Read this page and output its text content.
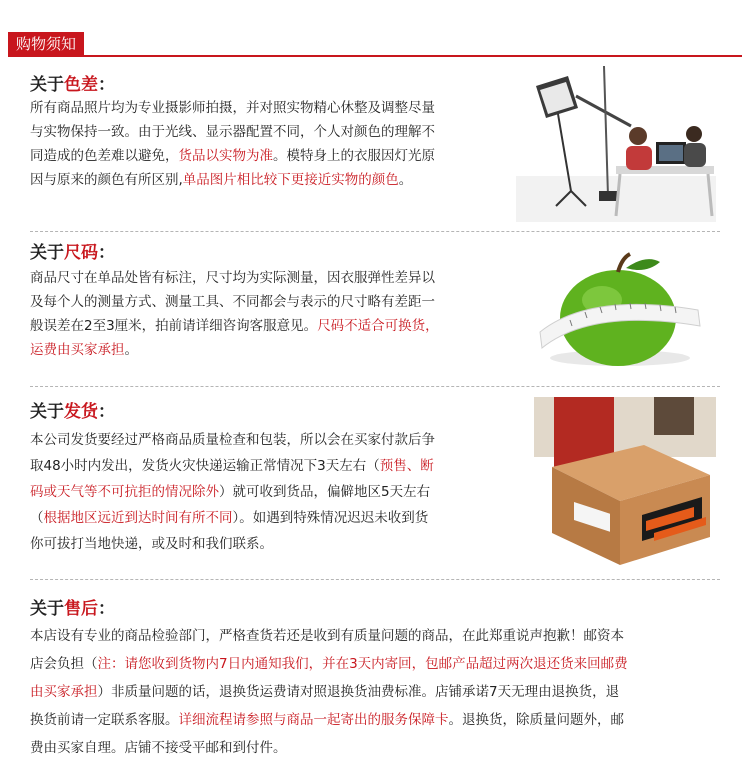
购物须知
关于色差：
所有商品照片均为专业摄影师拍摄，并对照实物精心休整及调整尽量
与实物保持一致。由于光线、显示器配置不同，个人对颜色的理解不
同造成的色差难以避免，货品以实物为准。模特身上的衣服因灯光原
因与原来的颜色有所区别,单品图片相比较下更接近实物的颜色。
关于尺码：
商品尺寸在单品处皆有标注，尺寸均为实际测量，因衣服弹性差异以
及每个人的测量方式、测量工具、不同都会与表示的尺寸略有差距一
般误差在2至3厘米，拍前请详细咨询客服意见。尺码不适合可换货，
运费由买家承担。
关于发货：
本公司发货要经过严格商品质量检查和包装，所以会在买家付款后争
取48小时内发出，发货火灾快递运输正常情况下3天左右（预售、断
码或天气等不可抗拒的情况除外）就可收到货品，偏僻地区5天左右
（根据地区远近到达时间有所不同）。如遇到特殊情况迟迟未收到货
你可拔打当地快递，或及时和我们联系。
关于售后：
本店设有专业的商品检验部门，严格查货若还是收到有质量问题的商品，在此郑重说声抱歉！邮资本
店会负担（注：请您收到货物内7日内通知我们，并在3天内寄回，包邮产品超过两次退还货来回邮费
由买家承担）非质量问题的话，退换货运费请对照退换货油费标准。店铺承诺7天无理由退换货，退
换货前请一定联系客服。详细流程请参照与商品一起寄出的服务保障卡。退换货，除质量问题外，邮
费由买家自理。店铺不接受平邮和到付件。
